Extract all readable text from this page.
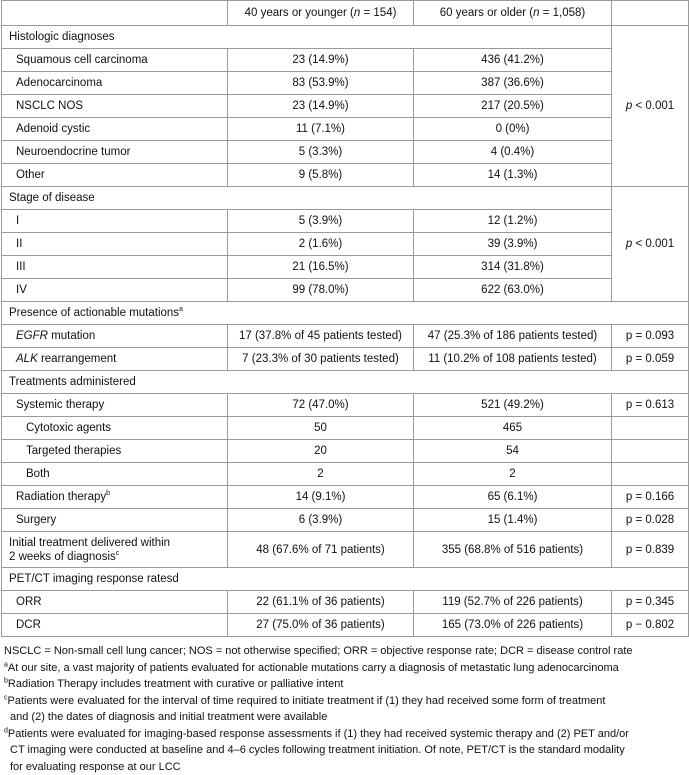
	40 years or younger (n = 154)	60 years or older (n = 1,058)	
Histologic diagnoses			p < 0.001
Squamous cell carcinoma	23 (14.9%)	436 (41.2%)	
Adenocarcinoma	83 (53.9%)	387 (36.6%)	
NSCLC NOS	23 (14.9%)	217 (20.5%)	
Adenoid cystic	11 (7.1%)	0 (0%)	
Neuroendocrine tumor	5 (3.3%)	4 (0.4%)	
Other	9 (5.8%)	14 (1.3%)	
Stage of disease			p < 0.001
I	5 (3.9%)	12 (1.2%)	
II	2 (1.6%)	39 (3.9%)	
III	21 (16.5%)	314 (31.8%)	
IV	99 (78.0%)	622 (63.0%)	
Presence of actionable mutations$^a$
EGFR mutation	17 (37.8% of 45 patients tested)	47 (25.3% of 186 patients tested)	p = 0.093
ALK rearrangement	7 (23.3% of 30 patients tested)	11 (10.2% of 108 patients tested)	p = 0.059
Treatments administered			
Systemic therapy	72 (47.0%)	521 (49.2%)	p = 0.613
Cytotoxic agents	50	465	
Targeted therapies	20	54	
Both	2	2	
Radiation therapy$^b$	14 (9.1%)	65 (6.1%)	p = 0.166
Surgery	6 (3.9%)	15 (1.4%)	p = 0.028
Initial treatment delivered within
2 weeks of diagnosis$^c$	48 (67.6% of 71 patients)	355 (68.8% of 516 patients)	p = 0.839
PET/CT imaging response ratesd			
ORR	22 (61.1% of 36 patients)	119 (52.7% of 226 patients)	p = 0.345
DCR	27 (75.0% of 36 patients)	165 (73.0% of 226 patients)	p − 0.802
NSCLC = Non-small cell lung cancer; NOS = not otherwise specified; ORR = objective response rate; DCR = disease control rate
$^a$At our site, a vast majority of patients evaluated for actionable mutations carry a diagnosis of metastatic lung adenocarcinoma
$^b$Radiation Therapy includes treatment with curative or palliative intent
$^c$Patients were evaluated for the interval of time required to initiate treatment if (1) they had received some form of treatment
and (2) the dates of diagnosis and initial treatment were available
$^d$Patients were evaluated for imaging-based response assessments if (1) they had received systemic therapy and (2) PET and/or
CT imaging were conducted at baseline and 4–6 cycles following treatment initiation. Of note, PET/CT is the standard modality
for evaluating response at our LCC
